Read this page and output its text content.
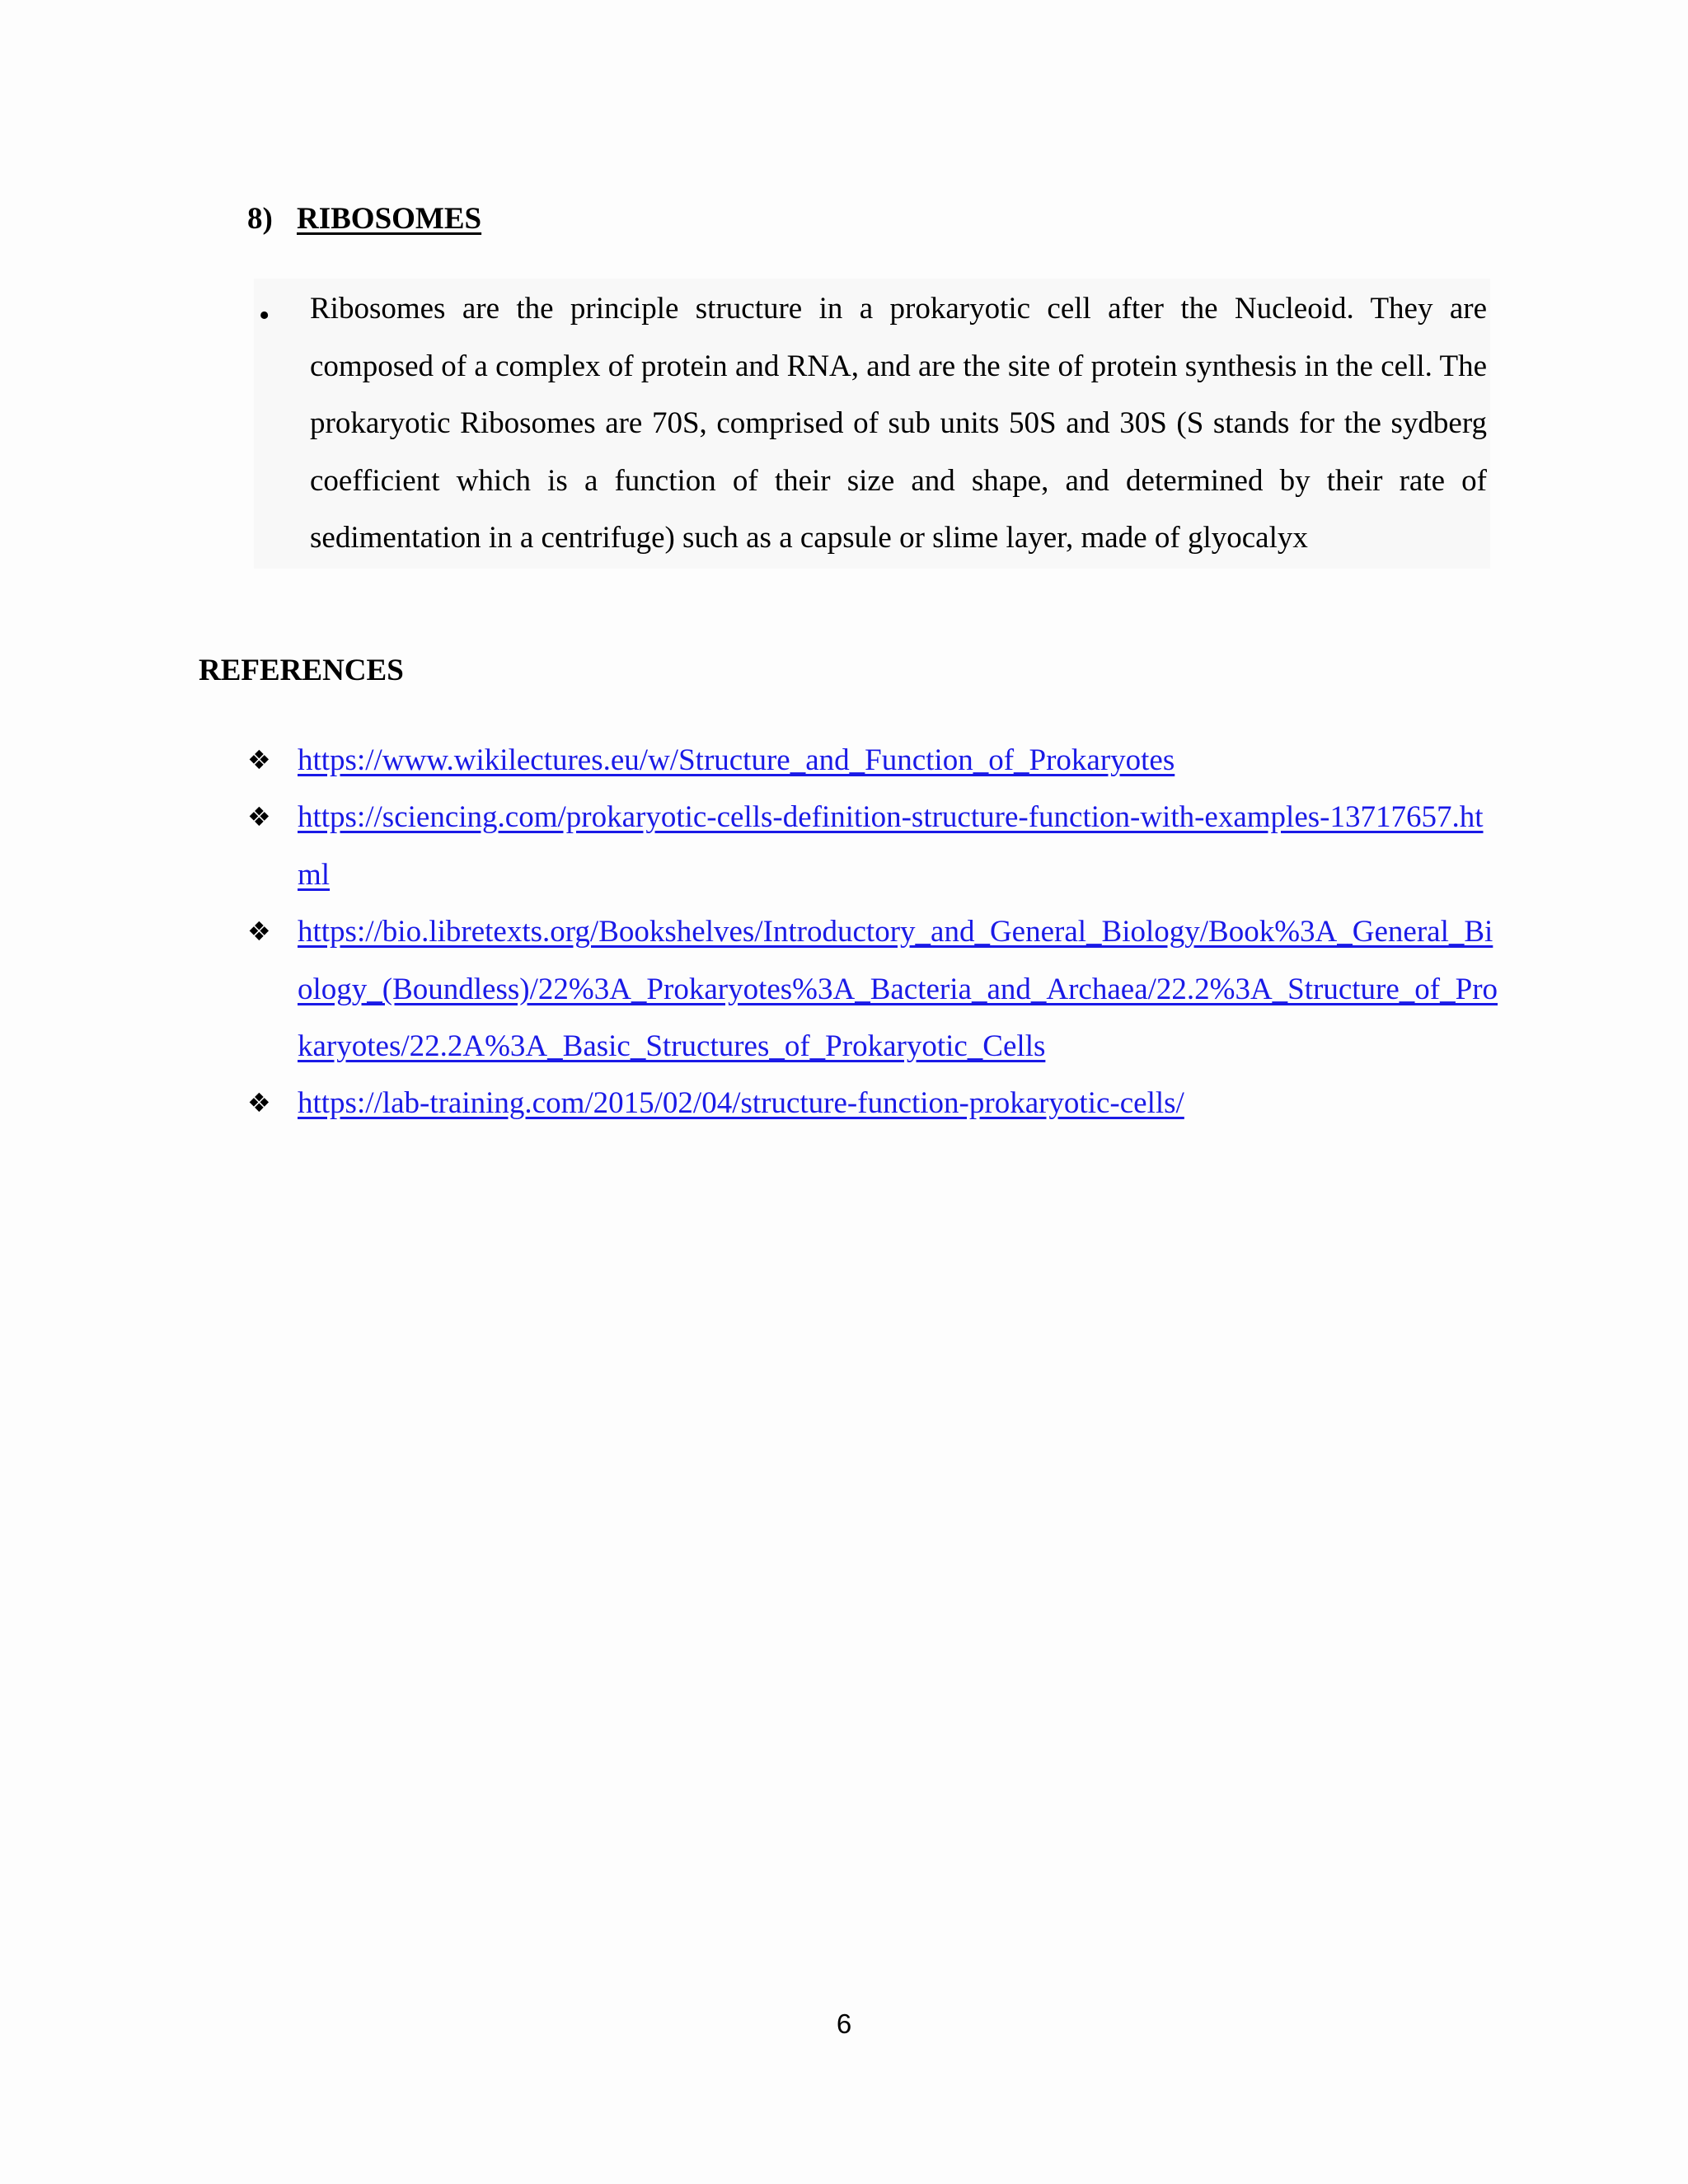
8) RIBOSOMES
• Ribosomes are the principle structure in a prokaryotic cell after the Nucleoid. They are composed of a complex of protein and RNA, and are the site of protein synthesis in the cell. The prokaryotic Ribosomes are 70S, comprised of sub units 50S and 30S (S stands for the sydberg coefficient which is a function of their size and shape, and determined by their rate of sedimentation in a centrifuge) such as a capsule or slime layer, made of glyocalyx
REFERENCES
❖ https://www.wikilectures.eu/w/Structure_and_Function_of_Prokaryotes
❖ https://sciencing.com/prokaryotic-cells-definition-structure-function-with-examples-13717657.html
❖ https://bio.libretexts.org/Bookshelves/Introductory_and_General_Biology/Book%3A_General_Biology_(Boundless)/22%3A_Prokaryotes%3A_Bacteria_and_Archaea/22.2%3A_Structure_of_Prokaryotes/22.2A%3A_Basic_Structures_of_Prokaryotic_Cells
❖ https://lab-training.com/2015/02/04/structure-function-prokaryotic-cells/
6
